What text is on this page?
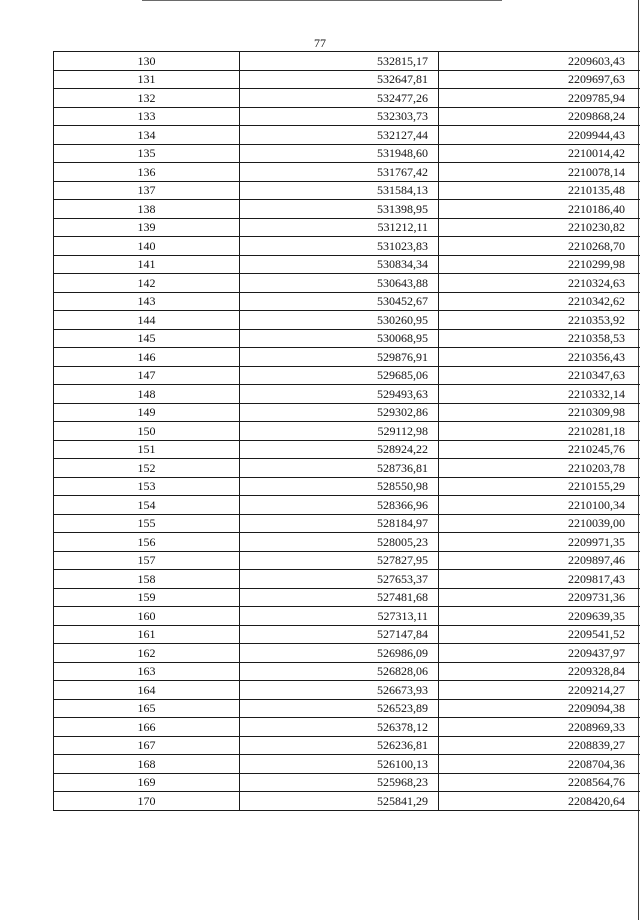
77
130	532815,17	2209603,43
131	532647,81	2209697,63
132	532477,26	2209785,94
133	532303,73	2209868,24
134	532127,44	2209944,43
135	531948,60	2210014,42
136	531767,42	2210078,14
137	531584,13	2210135,48
138	531398,95	2210186,40
139	531212,11	2210230,82
140	531023,83	2210268,70
141	530834,34	2210299,98
142	530643,88	2210324,63
143	530452,67	2210342,62
144	530260,95	2210353,92
145	530068,95	2210358,53
146	529876,91	2210356,43
147	529685,06	2210347,63
148	529493,63	2210332,14
149	529302,86	2210309,98
150	529112,98	2210281,18
151	528924,22	2210245,76
152	528736,81	2210203,78
153	528550,98	2210155,29
154	528366,96	2210100,34
155	528184,97	2210039,00
156	528005,23	2209971,35
157	527827,95	2209897,46
158	527653,37	2209817,43
159	527481,68	2209731,36
160	527313,11	2209639,35
161	527147,84	2209541,52
162	526986,09	2209437,97
163	526828,06	2209328,84
164	526673,93	2209214,27
165	526523,89	2209094,38
166	526378,12	2208969,33
167	526236,81	2208839,27
168	526100,13	2208704,36
169	525968,23	2208564,76
170	525841,29	2208420,64
